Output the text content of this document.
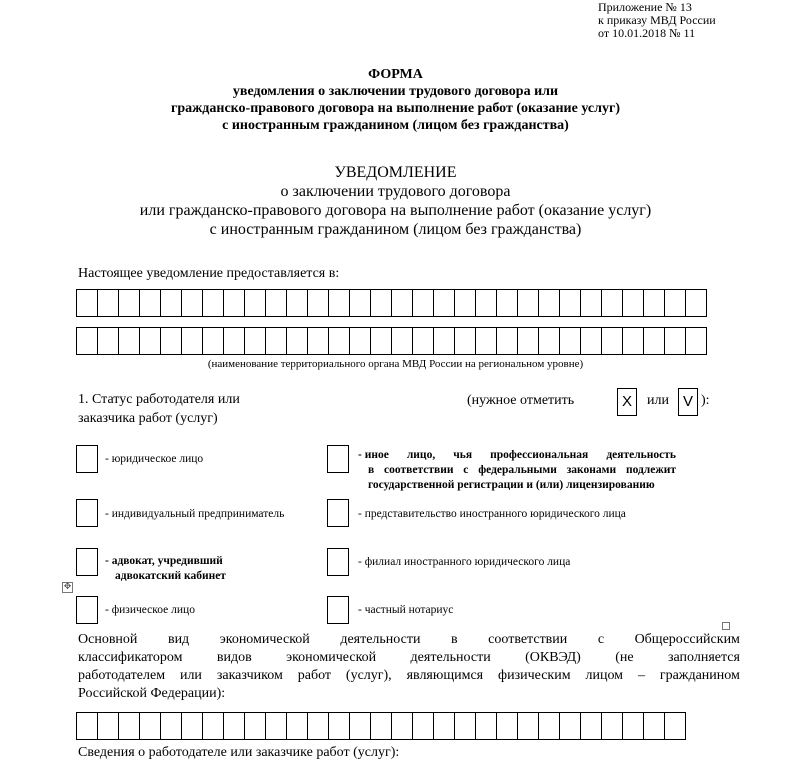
Приложение № 13
к приказу МВД России
от 10.01.2018 № 11
ФОРМА
уведомления о заключении трудового договора или
гражданско-правового договора на выполнение работ (оказание услуг)
с иностранным гражданином (лицом без гражданства)
УВЕДОМЛЕНИЕ
о заключении трудового договора
или гражданско-правового договора на выполнение работ (оказание услуг)
с иностранным гражданином (лицом без гражданства)
Настоящее уведомление предоставляется в:
(наименование территориального органа МВД России на региональном уровне)
1. Статус работодателя или
заказчика работ (услуг)
(нужное отметить	X	или V ):
- юридическое лицо
- индивидуальный предприниматель
- адвокат, учредивший
адвокатский кабинет
- физическое лицо
- иное лицо, чья профессиональная деятельность
в соответствии с федеральными законами подлежит
государственной регистрации и (или) лицензированию
- представительство иностранного юридического лица
- филиал иностранного юридического лица
- частный нотариус
✥
Основной вид экономической деятельности в соответствии с Общероссийским
классификатором видов экономической деятельности (ОКВЭД) (не заполняется
работодателем или заказчиком работ (услуг), являющимся физическим лицом – гражданином
Российской Федерации):
Сведения о работодателе или заказчике работ (услуг):
